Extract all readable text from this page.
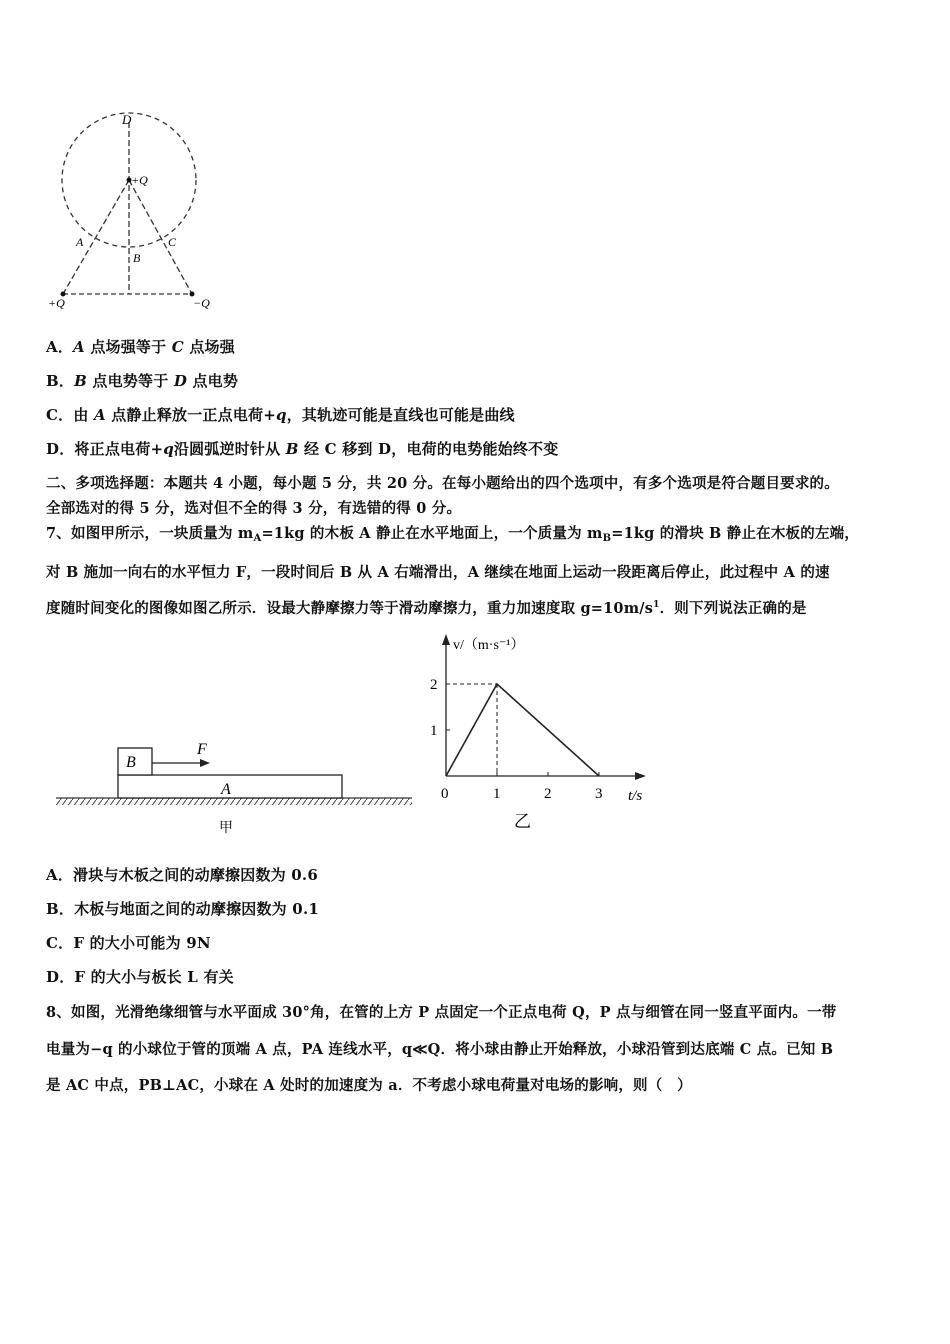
D
+Q
A	C
B
+Q	−Q
A．A 点场强等于 C 点场强
B．B 点电势等于 D 点电势
C．由 A 点静止释放一正点电荷+q，其轨迹可能是直线也可能是曲线
D．将正点电荷+q沿圆弧逆时针从 B 经 C 移到 D，电荷的电势能始终不变
二、多项选择题：本题共 4 小题，每小题 5 分，共 20 分。在每小题给出的四个选项中，有多个选项是符合题目要求的。
全部选对的得 5 分，选对但不全的得 3 分，有选错的得 0 分。
7、如图甲所示，一块质量为 $m_A=1kg$ 的木板 A 静止在水平地面上，一个质量为 $m_B=1kg$ 的滑块 B 静止在木板的左端，
对 B 施加一向右的水平恒力 F，一段时间后 B 从 A 右端滑出，A 继续在地面上运动一段距离后停止，此过程中 A 的速
度随时间变化的图像如图乙所示．设最大静摩擦力等于滑动摩擦力，重力加速度取 $g=10m/s^1$．则下列说法正确的是
B
F
A
甲
v/（m·s⁻¹）
t/s
乙
0	1	2	3
1
2
A．滑块与木板之间的动摩擦因数为 0.6
B．木板与地面之间的动摩擦因数为 0.1
C．F 的大小可能为 9N
D．F 的大小与板长 L 有关
8、如图，光滑绝缘细管与水平面成 30°角，在管的上方 P 点固定一个正点电荷 Q，P 点与细管在同一竖直平面内。一带
电量为−q 的小球位于管的顶端 A 点，PA 连线水平，q≪Q．将小球由静止开始释放，小球沿管到达底端 C 点。已知 B
是 AC 中点，PB⊥AC，小球在 A 处时的加速度为 a．不考虑小球电荷量对电场的影响，则（　）
